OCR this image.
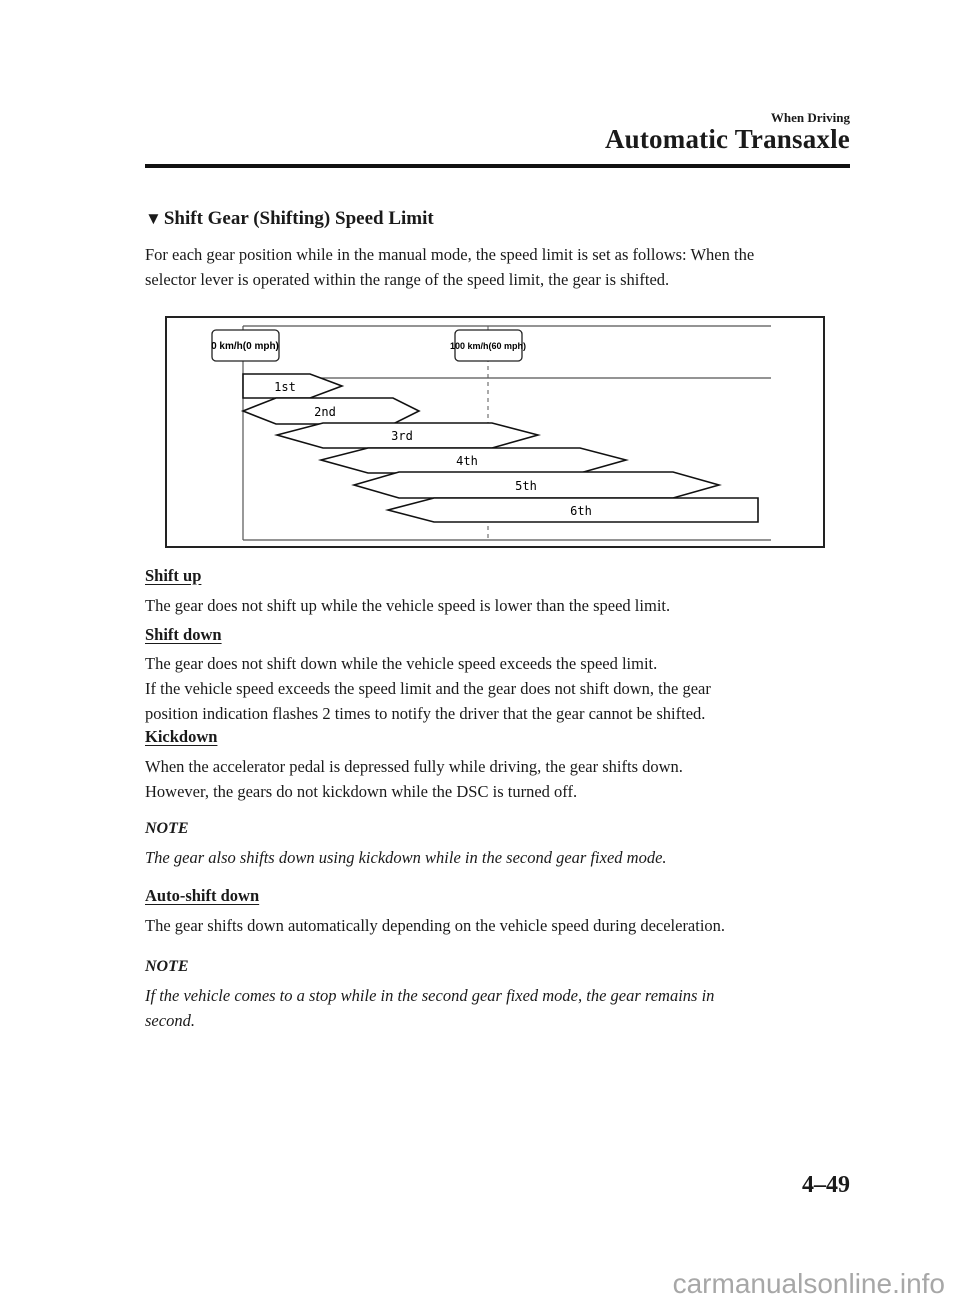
When Driving
Automatic Transaxle
▼ Shift Gear (Shifting) Speed Limit
For each gear position while in the manual mode, the speed limit is set as follows: When the
selector lever is operated within the range of the speed limit, the gear is shifted.
0 km/h(0 mph)	100 km/h(60 mph)
1st
2nd
3rd
4th
5th
6th
Shift up
The gear does not shift up while the vehicle speed is lower than the speed limit.
Shift down
The gear does not shift down while the vehicle speed exceeds the speed limit.
If the vehicle speed exceeds the speed limit and the gear does not shift down, the gear
position indication flashes 2 times to notify the driver that the gear cannot be shifted.
Kickdown
When the accelerator pedal is depressed fully while driving, the gear shifts down.
However, the gears do not kickdown while the DSC is turned off.
NOTE
The gear also shifts down using kickdown while in the second gear fixed mode.
Auto-shift down
The gear shifts down automatically depending on the vehicle speed during deceleration.
NOTE
If the vehicle comes to a stop while in the second gear fixed mode, the gear remains in
second.
4–49
carmanualsonline.info
